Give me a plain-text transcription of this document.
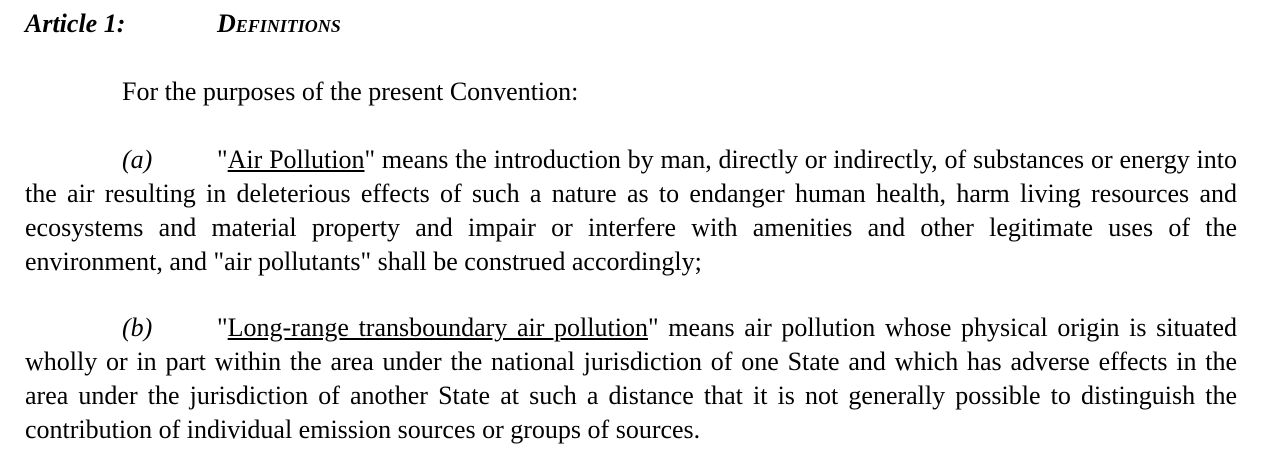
Article 1:	Definitions
For the purposes of the present Convention:
(a) "Air Pollution" means the introduction by man, directly or indirectly, of substances or energy into the air resulting in deleterious effects of such a nature as to endanger human health, harm living resources and ecosystems and material property and impair or interfere with amenities and other legitimate uses of the environment, and "air pollutants" shall be construed accordingly;
(b) "Long-range transboundary air pollution" means air pollution whose physical origin is situated wholly or in part within the area under the national jurisdiction of one State and which has adverse effects in the area under the jurisdiction of another State at such a distance that it is not generally possible to distinguish the contribution of individual emission sources or groups of sources.
